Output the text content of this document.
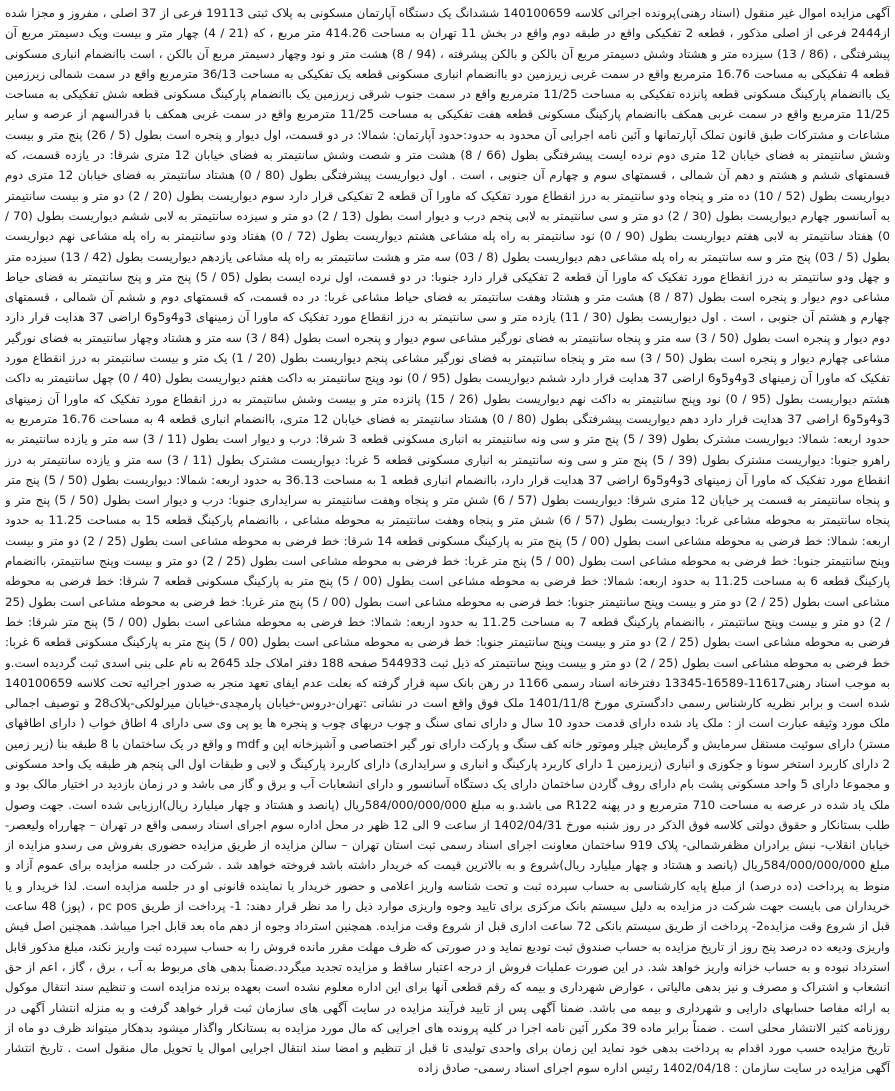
آگهی مزایده اموال غیر منقول (اسناد رهنی)پرونده اجرائی کلاسه 140100659 ششدانگ یک دستگاه آپارتمان مسکونی به پلاک ثبتی 19113 فرعی از 37 اصلی ، مفروز و مجزا شده از2444 فرعی از اصلی مذکور ، قطعه 2 تفکیکی واقع در طبقه دوم واقع در بخش 11 تهران به مساحت 414.26 متر مربع ، که (21 / 4) چهار متر و بیست ویک دسیمتر مربع آن پیشرفتگی ، (86 / 13) سیزده متر و هشتاد وشش دسیمتر مربع آن بالکن و بالکن پیشرفته ، (94 / 8) هشت متر و نود وچهار دسیمتر مربع آن بالکن ، است باانضمام انباری مسکونی قطعه 4 تفکیکی به مساحت 16.76 مترمربع واقع در سمت غربی زیرزمین دو باانضمام انباری مسکونی قطعه یک تفکیکی به مساحت 36/13 مترمربع واقع در سمت شمالی زیرزمین یک باانضمام پارکینگ مسکونی قطعه پانزده تفکیکی به مساحت 11/25 مترمربع واقع در سمت جنوب شرقی زیرزمین یک باانضمام پارکینگ مسکونی قطعه شش تفکیکی به مساحت 11/25 مترمربع واقع در سمت غربی همکف باانضمام پارکینگ مسکونی قطعه هفت تفکیکی به مساحت 11/25 مترمربع واقع در سمت غربی همکف با قدرالسهم از عرصه و سایر مشاعات و مشترکات طبق قانون تملک آپارتمانها و آئین نامه اجرایی آن محدود به حدود:حدود آپارتمان: شمالا: در دو قسمت، اول دیوار و پنجره است بطول (5 / 26) پنج متر و بیست وشش سانتیمتر به فضای خیابان 12 متری دوم نرده ایست پیشرفتگی بطول (66 / 8) هشت متر و شصت وشش سانتیمتر به فضای خیابان 12 متری شرقا: در یازده قسمت، که قسمتهای ششم و هشتم و دهم آن شمالی ، قسمتهای سوم و چهارم آن جنوبی ، است . اول دیواریست پیشرفتگی بطول (80 / 0) هشتاد سانتیمتر به فضای خیابان 12 متری دوم دیواریست بطول (52 / 10) ده متر و پنجاه ودو سانتیمتر به درز انقطاع مورد تفکیک که ماورا آن قطعه 2 تفکیکی قرار دارد سوم دیواریست بطول (20 / 2) دو متر و بیست سانتیمتر به آسانسور چهارم دیواریست بطول (30 / 2) دو متر و سی سانتیمتر به لابی پنجم درب و دیوار است بطول (13 / 2) دو متر و سیزده سانتیمتر به لابی ششم دیواریست بطول (70 / 0) هفتاد سانتیمتر به لابی هفتم دیواریست بطول (90 / 0) نود سانتیمتر به راه پله مشاعی هشتم دیواریست بطول (72 / 0) هفتاد ودو سانتیمتر به راه پله مشاعی نهم دیواریست بطول (5 / 03) پنج متر و سه سانتیمتر به راه پله مشاعی دهم دیواریست بطول (8 / 03) سه متر و هشت سانتیمتر به راه پله مشاعی یازدهم دیواریست بطول (42 / 13) سیزده متر و چهل ودو سانتیمتر به درز انقطاع مورد تفکیک که ماورا آن قطعه 2 تفکیکی قرار دارد جنوبا: در دو قسمت، اول نرده ایست بطول (05 / 5) پنج متر و پنج سانتیمتر به فضای حیاط مشاعی دوم دیوار و پنجره است بطول (87 / 8) هشت متر و هشتاد وهفت سانتیمتر به فضای حیاط مشاعی غربا: در ده قسمت، که قسمتهای دوم و ششم آن شمالی ، قسمتهای چهارم و هشتم آن جنوبی ، است . اول دیواریست بطول (30 / 11) یازده متر و سی سانتیمتر به درز انقطاع مورد تفکیک که ماورا آن زمینهای 3و4و5و6 اراضی 37 هدایت قرار دارد دوم دیوار و پنجره است بطول (50 / 3) سه متر و پنجاه سانتیمتر به فضای نورگیر مشاعی سوم دیوار و پنجره است بطول (84 / 3) سه متر و هشتاد وچهار سانتیمتر به فضای نورگیر مشاعی چهارم دیوار و پنجره است بطول (50 / 3) سه متر و پنجاه سانتیمتر به فضای نورگیر مشاعی پنجم دیواریست بطول (20 / 1) یک متر و بیست سانتیمتر به درز انقطاع مورد تفکیک که ماورا آن زمینهای 3و4و5و6 اراضی 37 هدایت قرار دارد ششم دیواریست بطول (95 / 0) نود وپنج سانتیمتر به داکت هفتم دیواریست بطول (40 / 0) چهل سانتیمتر به داکت هشتم دیواریست بطول (95 / 0) نود وپنج سانتیمتر به داکت نهم دیواریست بطول (26 / 15) پانزده متر و بیست وشش سانتیمتر به درز انقطاع مورد تفکیک که ماورا آن زمینهای 3و4و5و6 اراضی 37 هدایت قرار دارد دهم دیواریست پیشرفتگی بطول (80 / 0) هشتاد سانتیمتر به فضای خیابان 12 متری، باانضمام انباری قطعه 4 به مساحت 16.76 مترمربع به حدود اربعه: شمالا: دیواریست مشترک بطول (39 / 5) پنج متر و سی ونه سانتیمتر به انباری مسکونی قطعه 3 شرقا: درب و دیوار است بطول (11 / 3) سه متر و یازده سانتیمتر به راهرو جنوبا: دیواریست مشترک بطول (39 / 5) پنج متر و سی ونه سانتیمتر به انباری مسکونی قطعه 5 غربا: دیواریست مشترک بطول (11 / 3) سه متر و یازده سانتیمتر به درز انقطاع مورد تفکیک که ماورا آن زمینهای 3و4و5و6 اراضی 37 هدایت قرار دارد، باانضمام انباری قطعه 1 به مساحت 36.13 به حدود اربعه: شمالا: دیواریست بطول (50 / 5) پنج متر و پنجاه سانتیمتر به قسمت پر خیابان 12 متری شرقا: دیواریست بطول (57 / 6) شش متر و پنجاه وهفت سانتیمتر به سرایداری جنوبا: درب و دیوار است بطول (50 / 5) پنج متر و پنجاه سانتیمتر به محوطه مشاعی غربا: دیواریست بطول (57 / 6) شش متر و پنجاه وهفت سانتیمتر به محوطه مشاعی ، باانضمام پارکینگ قطعه 15 به مساحت 11.25 به حدود اربعه: شمالا: خط فرضی به محوطه مشاعی است بطول (00 / 5) پنج متر به پارکینگ مسکونی قطعه 14 شرقا: خط فرضی به محوطه مشاعی است بطول (25 / 2) دو متر و بیست وپنج سانتیمتر جنوبا: خط فرضی به محوطه مشاعی است بطول (00 / 5) پنج متر غربا: خط فرضی به محوطه مشاعی است بطول (25 / 2) دو متر و بیست وپنج سانتیمتر، باانضمام پارکینگ قطعه 6 به مساحت 11.25 به حدود اربعه: شمالا: خط فرضی به محوطه مشاعی است بطول (00 / 5) پنج متر به پارکینگ مسکونی قطعه 7 شرقا: خط فرضی به محوطه مشاعی است بطول (25 / 2) دو متر و بیست وپنج سانتیمتر جنوبا: خط فرضی به محوطه مشاعی است بطول (00 / 5) پنج متر غربا: خط فرضی به محوطه مشاعی است بطول (25 / 2) دو متر و بیست وپنج سانتیمتر ، باانضمام پارکینگ قطعه 7 به مساحت 11.25 به حدود اربعه: شمالا: خط فرضی به محوطه مشاعی است بطول (00 / 5) پنج متر شرقا: خط فرضی به محوطه مشاعی است بطول (25 / 2) دو متر و بیست وپنج سانتیمتر جنوبا: خط فرضی به محوطه مشاعی است بطول (00 / 5) پنج متر به پارکینگ مسکونی قطعه 6 غربا: خط فرضی به محوطه مشاعی است بطول (25 / 2) دو متر و بیست وپنج سانتیمتر که ذیل ثبت 544933 صفحه 188 دفتر املاک جلد 2645 به نام علی بنی اسدی ثبت گردیده است.و به موجب اسناد رهنی11617-16589-13345 دفترخانه اسناد رسمی 1166 در رهن بانک سپه قرار گرفته که بعلت عدم ایفای تعهد منجر به صدور اجرائیه تحت کلاسه 140100659 شده است و برابر نظریه کارشناس رسمی دادگستری مورخ 1401/11/8 ملک فوق واقع است در نشانی :تهران-دروس-خیابان پارمچدی-خیابان میرلولکی-پلاک28 و توصیف اجمالی ملک مورد وثیقه عبارت است از : ملک یاد شده دارای قدمت حدود 10 سال و دارای نمای سنگ و چوب دربهای چوب و پنجره ها یو پی وی سی دارای 4 اطاق خواب ( دارای اطاقهای مستر) دارای سوئیت مستقل سرمایش و گرمایش چیلر وموتور خانه کف سنگ و پارکت دارای نور گیر اختصاصی و آشپزخانه اپن و mdf و واقع در یک ساختمان با 8 طبقه بنا (زیر زمین 2 دارای کاربرد استخر سونا و جکوزی و انباری (زیرزمین 1 دارای کاربرد پارکینگ و انباری و سرایداری) دارای کاربرد پارکینگ و لابی و طبقات اول الی پنجم هر طبقه یک واحد مسکونی و مجموعا دارای 5 واحد مسکونی پشت بام دارای روف گاردن ساختمان دارای یک دستگاه آسانسور و دارای انشعابات آب و برق و گاز می باشد و در زمان بازدید در اختیار مالک بود و ملک یاد شده در عرصه به مساحت 710 مترمربع و در پهنه R122 می باشد.و به مبلغ 584/000/000/000ریال (پانصد و هشتاد و چهار میلیارد ریال)ارزیابی شده است. جهت وصول طلب بستانکار و حقوق دولتی کلاسه فوق الذکر در روز شنبه مورخ 1402/04/31 از ساعت 9 الی 12 ظهر در محل اداره سوم اجرای اسناد رسمی واقع در تهران – چهارراه ولیعصر- خیابان انقلاب- نبش برادران مظفرشمالی- پلاک 919 ساختمان معاونت اجرای اسناد رسمی ثبت استان تهران – سالن مزایده از طریق مزایده حضوری بفروش می رسدو مزایده از مبلغ 584/000/000/000ریال (پانصد و هشتاد و چهار میلیارد ریال)شروع و به بالاترین قیمت که خریدار داشته باشد فروخته خواهد شد . شرکت در جلسه مزایده برای عموم آزاد و منوط به پرداخت (ده درصد) از مبلغ پایه کارشناسی به حساب سپرده ثبت و تحت شناسه واریز اعلامی و حضور خریدار یا نماینده قانونی او در جلسه مزایده است. لذا خریدار و یا خریداران می بایست جهت شرکت در مزایده به دلیل سیستم بانک مرکزی برای تایید وجوه واریزی موارد ذیل را مد نظر قرار دهند: 1- پرداخت از طریق pc pos ، (پوز) 48 ساعت قبل از شروع وقت مزایده2- پرداخت از طریق سیستم بانکی 72 ساعت اداری قبل از شروع وقت مزایده. همچنین استرداد وجوه از دهم ماه بعد قابل اجرا میباشد. همچنین اصل فیش واریزی ودیعه ده درصد پنج روز از تاریخ مزایده به حساب صندوق ثبت تودیع نماید و در صورتی که ظرف مهلت مقرر مانده فروش را به حساب سپرده ثبت واریز نکند، مبلغ مذکور قابل استرداد نبوده و به حساب خزانه واریز خواهد شد. در این صورت عملیات فروش از درجه اعتبار ساقط و مزایده تجدید میگردد.ضمناً بدهی های مربوط به آب ، برق ، گاز ، اعم از حق انشعاب و اشتراک و مصرف و نیز بدهی مالیاتی ، عوارض شهرداری و بیمه که رقم قطعی آنها برای این اداره معلوم نشده است بعهده برنده مزایده است و تنظیم سند انتقال موکول به ارائه مفاصا حسابهای دارایی و شهرداری و بیمه می باشد. ضمنا آگهی پس از تایید فرآیند مزایده در سایت آگهی های سازمان ثبت قرار خواهد گرفت و به منزله انتشار آگهی در روزنامه کثیر الانتشار محلی است . ضمناً برابر ماده 39 مکرر آئین نامه اجرا در کلیه پرونده های اجرایی که مال مورد مزایده به بستانکار واگذار میشود بدهکار میتواند ظرف دو ماه از تاریخ مزایده حسب مورد اقدام به پرداخت بدهی خود نماید این زمان برای واحدی تولیدی تا قبل از تنظیم و امضا سند انتقال اجرایی اموال یا تحویل مال منقول است . تاریخ انتشار آگهی مزایده در سایت سازمان : 1402/04/18 رئیس اداره سوم اجرای اسناد رسمی- صادق زاده
